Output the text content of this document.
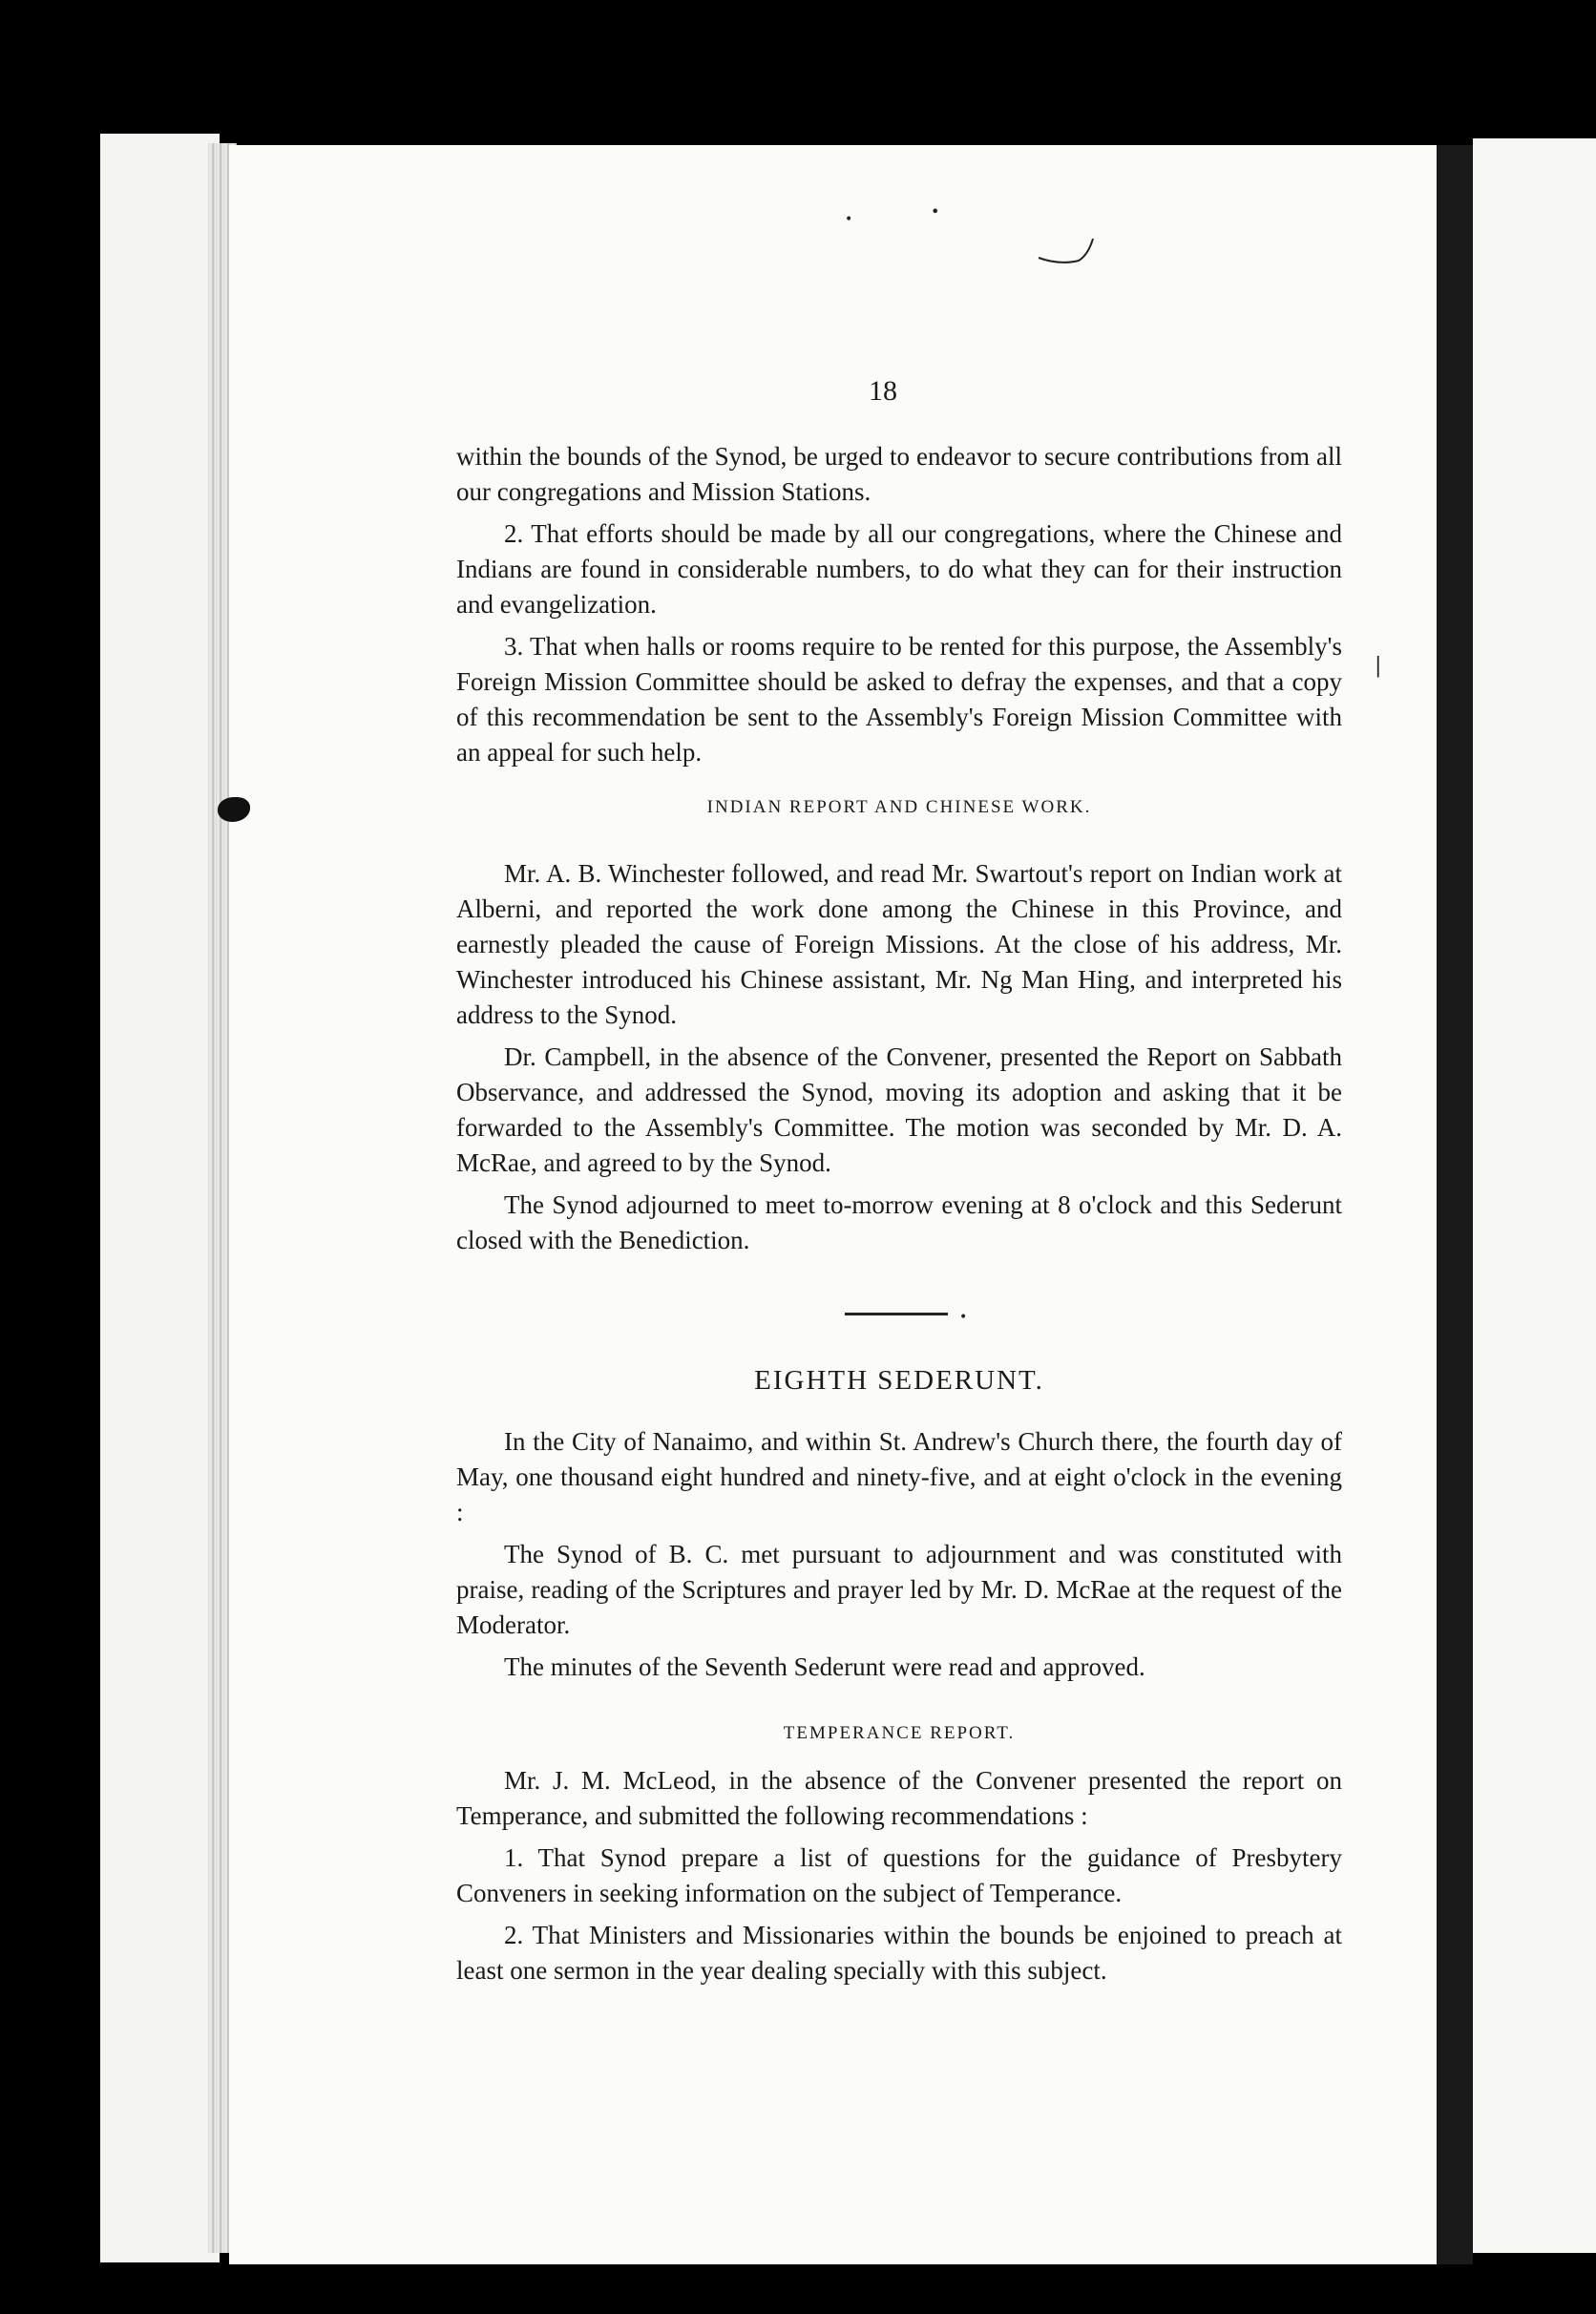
•	•
|
•
18

within the bounds of the Synod, be urged to endeavor to secure contributions from all our congregations and Mission Stations.

2. That efforts should be made by all our congregations, where the Chinese and Indians are found in considerable numbers, to do what they can for their instruction and evangelization.

3. That when halls or rooms require to be rented for this purpose, the Assembly's Foreign Mission Committee should be asked to defray the expenses, and that a copy of this recommendation be sent to the Assembly's Foreign Mission Committee with an appeal for such help.

INDIAN REPORT AND CHINESE WORK.

Mr. A. B. Winchester followed, and read Mr. Swartout's report on Indian work at Alberni, and reported the work done among the Chinese in this Province, and earnestly pleaded the cause of Foreign Missions. At the close of his address, Mr. Winchester introduced his Chinese assistant, Mr. Ng Man Hing, and interpreted his address to the Synod.

Dr. Campbell, in the absence of the Convener, presented the Report on Sabbath Observance, and addressed the Synod, moving its adoption and asking that it be forwarded to the Assembly's Committee. The motion was seconded by Mr. D. A. McRae, and agreed to by the Synod.

The Synod adjourned to meet to-morrow evening at 8 o'clock and this Sederunt closed with the Benediction.

EIGHTH SEDERUNT.

In the City of Nanaimo, and within St. Andrew's Church there, the fourth day of May, one thousand eight hundred and ninety-five, and at eight o'clock in the evening :

The Synod of B. C. met pursuant to adjournment and was constituted with praise, reading of the Scriptures and prayer led by Mr. D. McRae at the request of the Moderator.

The minutes of the Seventh Sederunt were read and approved.

TEMPERANCE REPORT.

Mr. J. M. McLeod, in the absence of the Convener presented the report on Temperance, and submitted the following recommendations :

1. That Synod prepare a list of questions for the guidance of Presbytery Conveners in seeking information on the subject of Temperance.

2. That Ministers and Missionaries within the bounds be enjoined to preach at least one sermon in the year dealing specially with this subject.
